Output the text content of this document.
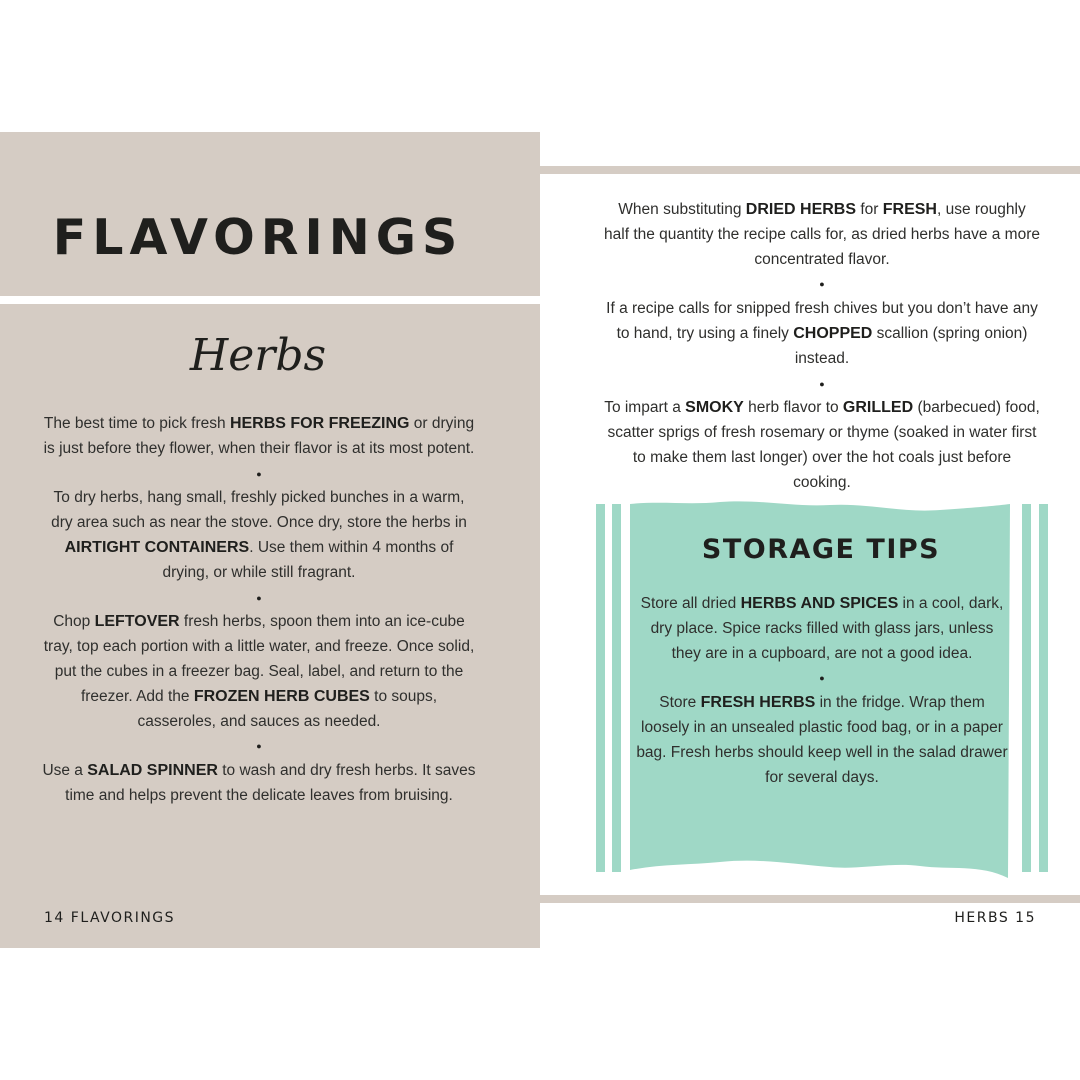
FLAVORINGS
Herbs

The best time to pick fresh HERBS FOR FREEZING or drying is just before they flower, when their flavor is at its most potent.

●

To dry herbs, hang small, freshly picked bunches in a warm, dry area such as near the stove. Once dry, store the herbs in AIRTIGHT CONTAINERS. Use them within 4 months of drying, or while still fragrant.

●

Chop LEFTOVER fresh herbs, spoon them into an ice-cube tray, top each portion with a little water, and freeze. Once solid, put the cubes in a freezer bag. Seal, label, and return to the freezer. Add the FROZEN HERB CUBES to soups, casseroles, and sauces as needed.

●

Use a SALAD SPINNER to wash and dry fresh herbs. It saves time and helps prevent the delicate leaves from bruising.

14 FLAVORINGS

When substituting DRIED HERBS for FRESH, use roughly half the quantity the recipe calls for, as dried herbs have a more concentrated flavor.

●

If a recipe calls for snipped fresh chives but you don’t have any to hand, try using a finely CHOPPED scallion (spring onion) instead.

●

To impart a SMOKY herb flavor to GRILLED (barbecued) food, scatter sprigs of fresh rosemary or thyme (soaked in water first to make them last longer) over the hot coals just before cooking.

STORAGE TIPS

Store all dried HERBS AND SPICES in a cool, dark, dry place. Spice racks filled with glass jars, unless they are in a cupboard, are not a good idea.

●

Store FRESH HERBS in the fridge. Wrap them loosely in an unsealed plastic food bag, or in a paper bag. Fresh herbs should keep well in the salad drawer for several days.

HERBS 15
